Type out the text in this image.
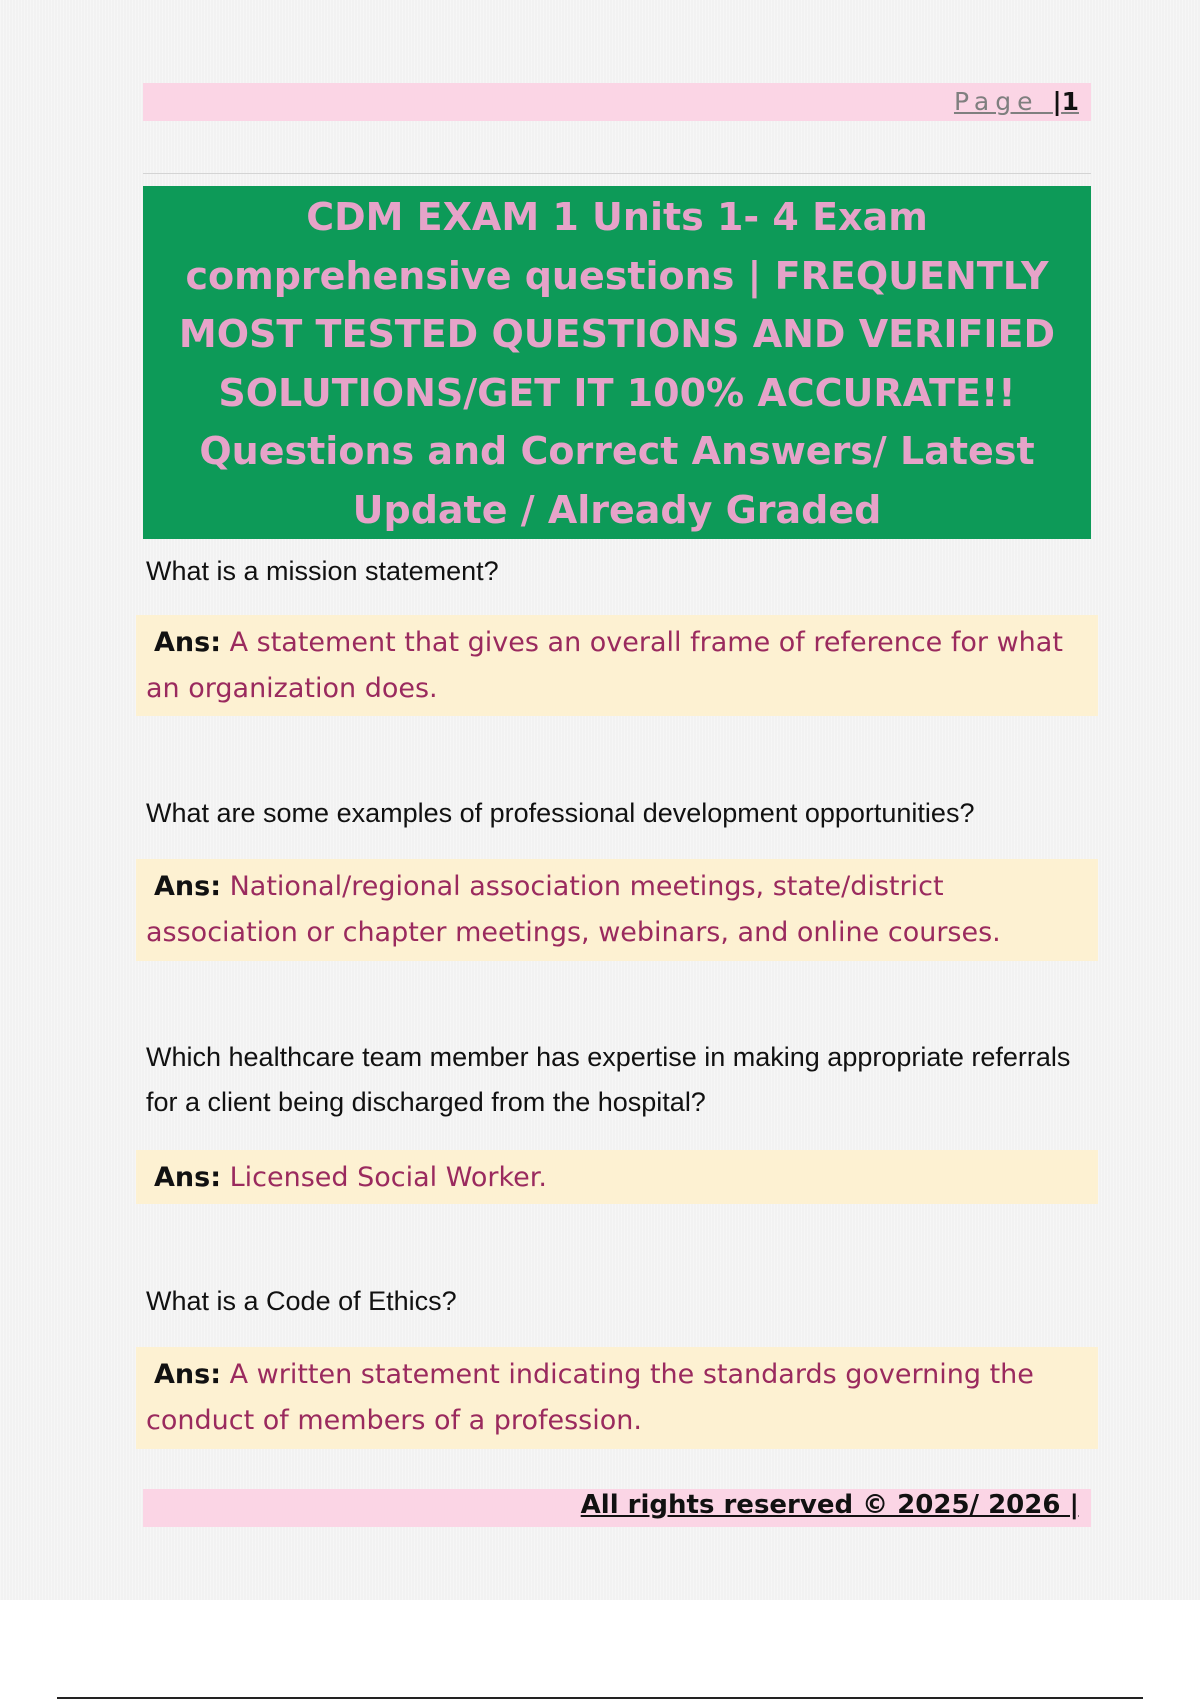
Page |1

CDM EXAM 1 Units 1- 4 Exam comprehensive questions | FREQUENTLY MOST TESTED QUESTIONS AND VERIFIED SOLUTIONS/GET IT 100% ACCURATE!! Questions and Correct Answers/ Latest Update / Already Graded

What is a mission statement?
Ans: A statement that gives an overall frame of reference for what an organization does.
What are some examples of professional development opportunities?
Ans: National/regional association meetings, state/district association or chapter meetings, webinars, and online courses.
Which healthcare team member has expertise in making appropriate referrals for a client being discharged from the hospital?
Ans: Licensed Social Worker.
What is a Code of Ethics?
Ans: A written statement indicating the standards governing the conduct of members of a profession.
All rights reserved © 2025/ 2026 |
